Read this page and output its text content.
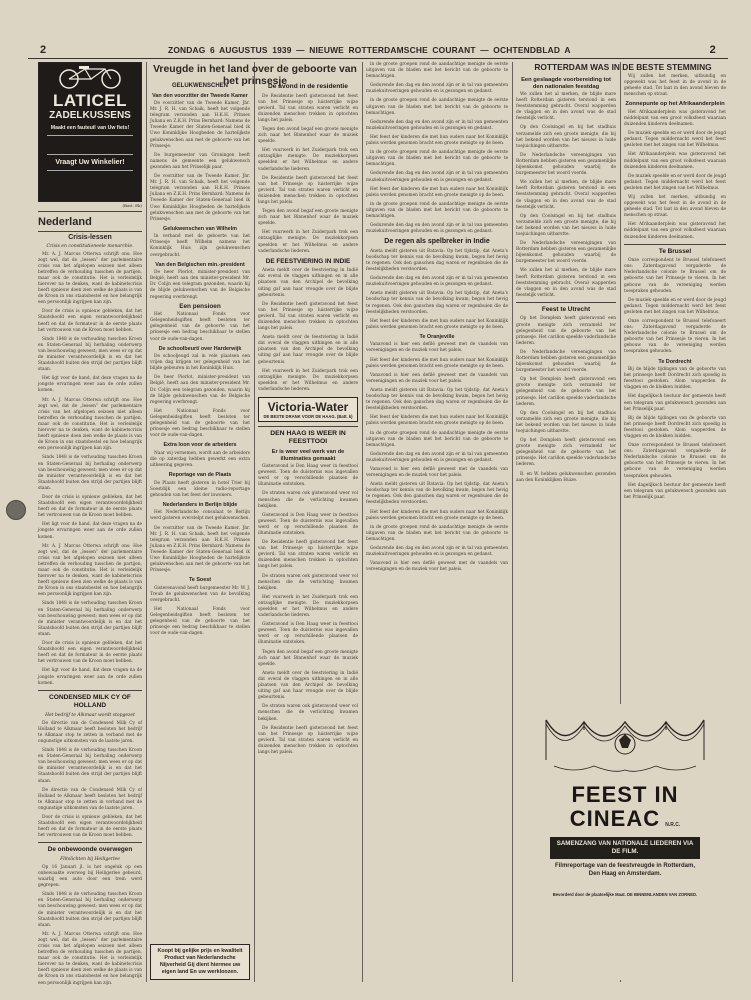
2	ZONDAG 6 AUGUSTUS 1939 — NIEUWE ROTTERDAMSCHE COURANT — OCHTENDBLAD A	2
LATICEL
ZADELKUSSENS
Maakt een fauteuil van Uw fiets!
Vraagt Uw Winkelier!
(Batt. Ek)
Nederland
Crisis-lessen
Crisis en constitutioneele monarchie.

Mr. A. J. Marcus Otterwa schrijft ons: Hoe zegt wel, dat de „lessen” der parlementaire crisis van het afgelopen seizoen niet alleen betreffen de verhouding tusschen de partijen, maar ook de constitutie. Het is verleidelijk hierover na te denken, want de kabinetscrisis heeft opnieuw doen zien welke de plaats is van de Kroon in ons staatsbestel en hoe belangrijk een persoonlijk ingrijpen kan zijn.

Door de crisis is opnieuw gebleken, dat het Staatshoofd een eigen verantwoordelijkheid heeft en dat de formateur in de eerste plaats het vertrouwen van de Kroon moet hebben.

Sinds 1848 is de verhouding tusschen Kroon en Staten-Generaal bij herhaling onderwerp van beschouwing geweest; men wees er op dat de minister verantwoordelijk is en dat het Staatshoofd buiten den strijd der partijen blijft staan.

Het ligt voor de hand, dat deze vragen na de jongste ervaringen weer aan de orde zullen komen.

Mr. A. J. Marcus Otterwa schrijft ons: Hoe zegt wel, dat de „lessen” der parlementaire crisis van het afgelopen seizoen niet alleen betreffen de verhouding tusschen de partijen, maar ook de constitutie. Het is verleidelijk hierover na te denken, want de kabinetscrisis heeft opnieuw doen zien welke de plaats is van de Kroon in ons staatsbestel en hoe belangrijk een persoonlijk ingrijpen kan zijn.

Sinds 1848 is de verhouding tusschen Kroon en Staten-Generaal bij herhaling onderwerp van beschouwing geweest; men wees er op dat de minister verantwoordelijk is en dat het Staatshoofd buiten den strijd der partijen blijft staan.

Door de crisis is opnieuw gebleken, dat het Staatshoofd een eigen verantwoordelijkheid heeft en dat de formateur in de eerste plaats het vertrouwen van de Kroon moet hebben.

Het ligt voor de hand, dat deze vragen na de jongste ervaringen weer aan de orde zullen komen.

Mr. A. J. Marcus Otterwa schrijft ons: Hoe zegt wel, dat de „lessen” der parlementaire crisis van het afgelopen seizoen niet alleen betreffen de verhouding tusschen de partijen, maar ook de constitutie. Het is verleidelijk hierover na te denken, want de kabinetscrisis heeft opnieuw doen zien welke de plaats is van de Kroon in ons staatsbestel en hoe belangrijk een persoonlijk ingrijpen kan zijn.

Sinds 1848 is de verhouding tusschen Kroon en Staten-Generaal bij herhaling onderwerp van beschouwing geweest; men wees er op dat de minister verantwoordelijk is en dat het Staatshoofd buiten den strijd der partijen blijft staan.

Door de crisis is opnieuw gebleken, dat het Staatshoofd een eigen verantwoordelijkheid heeft en dat de formateur in de eerste plaats het vertrouwen van de Kroon moet hebben.

Het ligt voor de hand, dat deze vragen na de jongste ervaringen weer aan de orde zullen komen.

CONDENSED MILK CY OF HOLLAND
Het bedrijf te Alkmaar wordt stopgezet

De directie van de Condensed Milk Cy of Holland te Alkmaar heeft besloten het bedrijf te Alkmaar stop te zetten in verband met de ongunstige uitkomsten van de laatste jaren.

Sinds 1848 is de verhouding tusschen Kroon en Staten-Generaal bij herhaling onderwerp van beschouwing geweest; men wees er op dat de minister verantwoordelijk is en dat het Staatshoofd buiten den strijd der partijen blijft staan.

De directie van de Condensed Milk Cy of Holland te Alkmaar heeft besloten het bedrijf te Alkmaar stop te zetten in verband met de ongunstige uitkomsten van de laatste jaren.

Door de crisis is opnieuw gebleken, dat het Staatshoofd een eigen verantwoordelijkheid heeft en dat de formateur in de eerste plaats het vertrouwen van de Kroon moet hebben.

De onbewoonde overwegen
Flitslichten bij Heiligerlee

Op 16 Januari jl. is het ongeluk op een onbewaakte overweg bij Heiligerlee gebeurd, waarbij een auto door een trein werd gegrepen.

Sinds 1848 is de verhouding tusschen Kroon en Staten-Generaal bij herhaling onderwerp van beschouwing geweest; men wees er op dat de minister verantwoordelijk is en dat het Staatshoofd buiten den strijd der partijen blijft staan.

Mr. A. J. Marcus Otterwa schrijft ons: Hoe zegt wel, dat de „lessen” der parlementaire crisis van het afgelopen seizoen niet alleen betreffen de verhouding tusschen de partijen, maar ook de constitutie. Het is verleidelijk hierover na te denken, want de kabinetscrisis heeft opnieuw doen zien welke de plaats is van de Kroon in ons staatsbestel en hoe belangrijk een persoonlijk ingrijpen kan zijn.

Vreugde in het land over de geboorte van het prinsesje
GELUKWENSCHEN
Van den voorzitter der Tweede Kamer

De voorzitter van de Tweede Kamer, Jhr. Mr. J. R. H. van Schaik, heeft het volgende telegram verzonden aan H.K.H. Prinses Juliana en Z.K.H. Prins Bernhard: Namens de Tweede Kamer der Staten-Generaal bied ik Uwe Koninklijke Hoogheden de hartelijkste gelukwenschen aan met de geboorte van het Prinsesje.

De burgemeester van Groningen heeft namens de gemeente een gelukwensch gezonden aan het Prinselijk paar.

De voorzitter van de Tweede Kamer, Jhr. Mr. J. R. H. van Schaik, heeft het volgende telegram verzonden aan H.K.H. Prinses Juliana en Z.K.H. Prins Bernhard: Namens de Tweede Kamer der Staten-Generaal bied ik Uwe Koninklijke Hoogheden de hartelijkste gelukwenschen aan met de geboorte van het Prinsesje.

Gelukwenschen van Wilhelm

In verband met de geboorte van het Prinsesje heeft Wilhelm namens het Koninklijk Huis zijn gelukwenschen overgebracht.

Van den Belgischen min.-president

De heer Pierlot, minister-president van België, heeft aan den minister-president Mr. Dr. Colijn een telegram gezonden, waarin hij de blijde gelukwenschen van de Belgische regeering overbrengt.

Een pensioen

Het Nationaal Fonds voor Gelegenheidsgiften heeft besloten ter gelegenheid van de geboorte van het prinsesje een bedrag beschikbaar te stellen voor de oude-van-dagen.

De schoolbeurt/ over Harderwijk

De schooljeugd zal in vele plaatsen een vrijen dag krijgen ter gelegenheid van het blijde gebeuren in het Koninklijk Huis.

De heer Pierlot, minister-president van België, heeft aan den minister-president Mr. Dr. Colijn een telegram gezonden, waarin hij de blijde gelukwenschen van de Belgische regeering overbrengt.

Het Nationaal Fonds voor Gelegenheidsgiften heeft besloten ter gelegenheid van de geboorte van het prinsesje een bedrag beschikbaar te stellen voor de oude-van-dagen.

Extra loon voor de arbeiders

Naar wij vernemen, wordt aan de arbeiders die op zaterdag hebben gewerkt een extra uitkeering gegeven.

Reportage van de Plaats

De Plaats heeft gisteren in hotel Trier bij Soestdijk een kleine radio-reportage gehouden van het feest der inwoners.

Nederlanders in Berlijn blijde

Het Nederlandsche consulaat te Berlijn werd gisteren overstelpt met gelukwenschen.

De voorzitter van de Tweede Kamer, Jhr. Mr. J. R. H. van Schaik, heeft het volgende telegram verzonden aan H.K.H. Prinses Juliana en Z.K.H. Prins Bernhard: Namens de Tweede Kamer der Staten-Generaal bied ik Uwe Koninklijke Hoogheden de hartelijkste gelukwenschen aan met de geboorte van het Prinsesje.

Te Soest

Gisterenavond heeft burgemeester Mr. W. J. Treub de gelukwenschen van de bevolking overgebracht.

Het Nationaal Fonds voor Gelegenheidsgiften heeft besloten ter gelegenheid van de geboorte van het prinsesje een bedrag beschikbaar te stellen voor de oude-van-dagen.

Koopt bij gelijke prijs en kwaliteit Product van Nederlandsche Nijverheid Gij dient hiermee uw eigen land En uw werkloozen.
De avond in de residentie

De Residentie heeft gisteravond het feest van het Prinsesje op luisterrijke wijze gevierd. Tal van straten waren verlicht en duizenden menschen trokken in optochten langs het paleis.

Tegen den avond begaf een groote menigte zich naar het Binnenhof waar de muziek speelde.

Het vuurwerk in het Zuiderpark trok een ontzaglijke menigte. De muziekkorpsen speelden er het Wilhelmus en andere vaderlandsche liederen.

De Residentie heeft gisteravond het feest van het Prinsesje op luisterrijke wijze gevierd. Tal van straten waren verlicht en duizenden menschen trokken in optochten langs het paleis.

Tegen den avond begaf een groote menigte zich naar het Binnenhof waar de muziek speelde.

Het vuurwerk in het Zuiderpark trok een ontzaglijke menigte. De muziekkorpsen speelden er het Wilhelmus en andere vaderlandsche liederen.

DE FEESTVIERING IN INDIE

Aneta meldt over de feestviering in Indië dat overal de vlaggen uithingen en in alle plaatsen van den Archipel de bevolking uiting gaf aan haar vreugde over de blijde gebeurtenis.

De Residentie heeft gisteravond het feest van het Prinsesje op luisterrijke wijze gevierd. Tal van straten waren verlicht en duizenden menschen trokken in optochten langs het paleis.

Aneta meldt over de feestviering in Indië dat overal de vlaggen uithingen en in alle plaatsen van den Archipel de bevolking uiting gaf aan haar vreugde over de blijde gebeurtenis.

Het vuurwerk in het Zuiderpark trok een ontzaglijke menigte. De muziekkorpsen speelden er het Wilhelmus en andere vaderlandsche liederen.

Victoria-Water
DE BESTE DRANK VOOR DE HAAG. (Batt. k)
DEN HAAG IS WEER IN FEESTTOOI
Er is weer veel werk van de illuminaties gemaakt

Gisteravond is Den Haag weer in feesttooi geweest. Toen de duisternis was ingevallen werd er op verschillende plaatsen de illuminatie ontstoken.

De straten waren ook gisteravond weer vol menschen die de verlichting kwamen bekijken.

Gisteravond is Den Haag weer in feesttooi geweest. Toen de duisternis was ingevallen werd er op verschillende plaatsen de illuminatie ontstoken.

De Residentie heeft gisteravond het feest van het Prinsesje op luisterrijke wijze gevierd. Tal van straten waren verlicht en duizenden menschen trokken in optochten langs het paleis.

De straten waren ook gisteravond weer vol menschen die de verlichting kwamen bekijken.

Het vuurwerk in het Zuiderpark trok een ontzaglijke menigte. De muziekkorpsen speelden er het Wilhelmus en andere vaderlandsche liederen.

Gisteravond is Den Haag weer in feesttooi geweest. Toen de duisternis was ingevallen werd er op verschillende plaatsen de illuminatie ontstoken.

Tegen den avond begaf een groote menigte zich naar het Binnenhof waar de muziek speelde.

Aneta meldt over de feestviering in Indië dat overal de vlaggen uithingen en in alle plaatsen van den Archipel de bevolking uiting gaf aan haar vreugde over de blijde gebeurtenis.

De straten waren ook gisteravond weer vol menschen die de verlichting kwamen bekijken.

De Residentie heeft gisteravond het feest van het Prinsesje op luisterrijke wijze gevierd. Tal van straten waren verlicht en duizenden menschen trokken in optochten langs het paleis.

in de groote groepen rond de aandachtige menigte de eerste uitgaven van de bladen met het bericht van de geboorte te bemachtigen.

Gedurende den dag en den avond zijn er in tal van gemeenten muziekuitvoeringen gehouden en is gezongen en gedanst.

in de groote groepen rond de aandachtige menigte de eerste uitgaven van de bladen met het bericht van de geboorte te bemachtigen.

Gedurende den dag en den avond zijn er in tal van gemeenten muziekuitvoeringen gehouden en is gezongen en gedanst.

Het feest der kinderen die met hun ouders naar het Koninklijk paleis werden genomen bracht een groote menigte op de been.

in de groote groepen rond de aandachtige menigte de eerste uitgaven van de bladen met het bericht van de geboorte te bemachtigen.

Gedurende den dag en den avond zijn er in tal van gemeenten muziekuitvoeringen gehouden en is gezongen en gedanst.

Het feest der kinderen die met hun ouders naar het Koninklijk paleis werden genomen bracht een groote menigte op de been.

in de groote groepen rond de aandachtige menigte de eerste uitgaven van de bladen met het bericht van de geboorte te bemachtigen.

Gedurende den dag en den avond zijn er in tal van gemeenten muziekuitvoeringen gehouden en is gezongen en gedanst.

De regen als spelbreker in Indie

Aneta meldt gisteren uit Batavia: Op het tijdstip, dat Aneta's boodschap ter kennis van de bevolking kwam, begon het hevig te regenen. Ook den ganschen dag waren er regenbuien die de feestelijkheden verstoorden.

Gedurende den dag en den avond zijn er in tal van gemeenten muziekuitvoeringen gehouden en is gezongen en gedanst.

Aneta meldt gisteren uit Batavia: Op het tijdstip, dat Aneta's boodschap ter kennis van de bevolking kwam, begon het hevig te regenen. Ook den ganschen dag waren er regenbuien die de feestelijkheden verstoorden.

Het feest der kinderen die met hun ouders naar het Koninklijk paleis werden genomen bracht een groote menigte op de been.

Te Oranjeville

Vanavond is hier een defilé geweest met de vaandels van vereenigingen en de muziek voor het paleis.

Het feest der kinderen die met hun ouders naar het Koninklijk paleis werden genomen bracht een groote menigte op de been.

Vanavond is hier een defilé geweest met de vaandels van vereenigingen en de muziek voor het paleis.

Aneta meldt gisteren uit Batavia: Op het tijdstip, dat Aneta's boodschap ter kennis van de bevolking kwam, begon het hevig te regenen. Ook den ganschen dag waren er regenbuien die de feestelijkheden verstoorden.

Het feest der kinderen die met hun ouders naar het Koninklijk paleis werden genomen bracht een groote menigte op de been.

in de groote groepen rond de aandachtige menigte de eerste uitgaven van de bladen met het bericht van de geboorte te bemachtigen.

Gedurende den dag en den avond zijn er in tal van gemeenten muziekuitvoeringen gehouden en is gezongen en gedanst.

Vanavond is hier een defilé geweest met de vaandels van vereenigingen en de muziek voor het paleis.

Aneta meldt gisteren uit Batavia: Op het tijdstip, dat Aneta's boodschap ter kennis van de bevolking kwam, begon het hevig te regenen. Ook den ganschen dag waren er regenbuien die de feestelijkheden verstoorden.

Het feest der kinderen die met hun ouders naar het Koninklijk paleis werden genomen bracht een groote menigte op de been.

in de groote groepen rond de aandachtige menigte de eerste uitgaven van de bladen met het bericht van de geboorte te bemachtigen.

Gedurende den dag en den avond zijn er in tal van gemeenten muziekuitvoeringen gehouden en is gezongen en gedanst.

Vanavond is hier een defilé geweest met de vaandels van vereenigingen en de muziek voor het paleis.

ROTTERDAM WAS IN DE BESTE STEMMING
Een geslaagde voorbereiding tot den nationalen feestdag

We zullen het al merken, de blijde mare heeft Rotterdam gisteren terstond in een feeststemming gebracht. Overal wapperden de vlaggen en in den avond was de stad feestelijk verlicht.

Op den Coolsingel en bij het stadhuis verzamelde zich een groote menigte, die bij het bekend worden van het nieuws in luide toejuichingen uitbarstte.

De Nederlandsche vereenigingen van Rotterdam hebben gisteren een gezamenlijke bijeenkomst gehouden waarbij de burgemeester het woord voerde.

We zullen het al merken, de blijde mare heeft Rotterdam gisteren terstond in een feeststemming gebracht. Overal wapperden de vlaggen en in den avond was de stad feestelijk verlicht.

Op den Coolsingel en bij het stadhuis verzamelde zich een groote menigte, die bij het bekend worden van het nieuws in luide toejuichingen uitbarstte.

De Nederlandsche vereenigingen van Rotterdam hebben gisteren een gezamenlijke bijeenkomst gehouden waarbij de burgemeester het woord voerde.

We zullen het al merken, de blijde mare heeft Rotterdam gisteren terstond in een feeststemming gebracht. Overal wapperden de vlaggen en in den avond was de stad feestelijk verlicht.

Feest te Utrecht

Op het Domplein heeft gisteravond een groote menigte zich verzameld ter gelegenheid van de geboorte van het prinsesje. Het carillon speelde vaderlandsche liederen.

De Nederlandsche vereenigingen van Rotterdam hebben gisteren een gezamenlijke bijeenkomst gehouden waarbij de burgemeester het woord voerde.

Op het Domplein heeft gisteravond een groote menigte zich verzameld ter gelegenheid van de geboorte van het prinsesje. Het carillon speelde vaderlandsche liederen.

Op den Coolsingel en bij het stadhuis verzamelde zich een groote menigte, die bij het bekend worden van het nieuws in luide toejuichingen uitbarstte.

Op het Domplein heeft gisteravond een groote menigte zich verzameld ter gelegenheid van de geboorte van het prinsesje. Het carillon speelde vaderlandsche liederen.

B. en W. hebben gelukwenschen gezonden aan den Koninklijken Huize.

Wij zullen het merken, uitbundig en opgewekt was het feest in de avond in de geheele stad. Tot laat in den avond bleven de menschen op straat.

Zonnepunte op het Afrikaanderplein

Het Afrikaanderplein was gisteravond het middelpunt van een groot volksfeest waaraan duizenden kinderen deelnamen.

De muziek speelde en er werd door de jeugd gedanst. Tegen middernacht werd het feest gesloten met het zingen van het Wilhelmus.

Het Afrikaanderplein was gisteravond het middelpunt van een groot volksfeest waaraan duizenden kinderen deelnamen.

De muziek speelde en er werd door de jeugd gedanst. Tegen middernacht werd het feest gesloten met het zingen van het Wilhelmus.

Wij zullen het merken, uitbundig en opgewekt was het feest in de avond in de geheele stad. Tot laat in den avond bleven de menschen op straat.

Het Afrikaanderplein was gisteravond het middelpunt van een groot volksfeest waaraan duizenden kinderen deelnamen.

Te Brussel

Onze correspondent te Brussel telefoneert ons: Zaterdagavond vergaderde de Nederlandsche colonie te Brussel om de geboorte van het Prinsesje te vieren. In het gebouw van de vereeniging werden toespraken gehouden.

De muziek speelde en er werd door de jeugd gedanst. Tegen middernacht werd het feest gesloten met het zingen van het Wilhelmus.

Onze correspondent te Brussel telefoneert ons: Zaterdagavond vergaderde de Nederlandsche colonie te Brussel om de geboorte van het Prinsesje te vieren. In het gebouw van de vereeniging werden toespraken gehouden.

Te Dordrecht

Bij de blijde tijdingen van de geboorte van het prinsesje heeft Dordrecht zich spoedig in feesttooi gestoken. Alom wapperden de vlaggen en de klokken luidden.

Het dagelijksch bestuur der gemeente heeft een telegram van gelukwensch gezonden aan het Prinselijk paar.

Bij de blijde tijdingen van de geboorte van het prinsesje heeft Dordrecht zich spoedig in feesttooi gestoken. Alom wapperden de vlaggen en de klokken luidden.

Onze correspondent te Brussel telefoneert ons: Zaterdagavond vergaderde de Nederlandsche colonie te Brussel om de geboorte van het Prinsesje te vieren. In het gebouw van de vereeniging werden toespraken gehouden.

Het dagelijksch bestuur der gemeente heeft een telegram van gelukwensch gezonden aan het Prinselijk paar.

FEEST IN
CINEAC N.R.C.
SAMENZANG VAN NATIONALE LIEDEREN VIA DE FILM.
Filmreportage van de feestvreugde in Rotterdam, Den Haag en Amsterdam.
Bevorderd door de plaatselijke Maat. DE BINNENLANDEN VAN ZORNED.
